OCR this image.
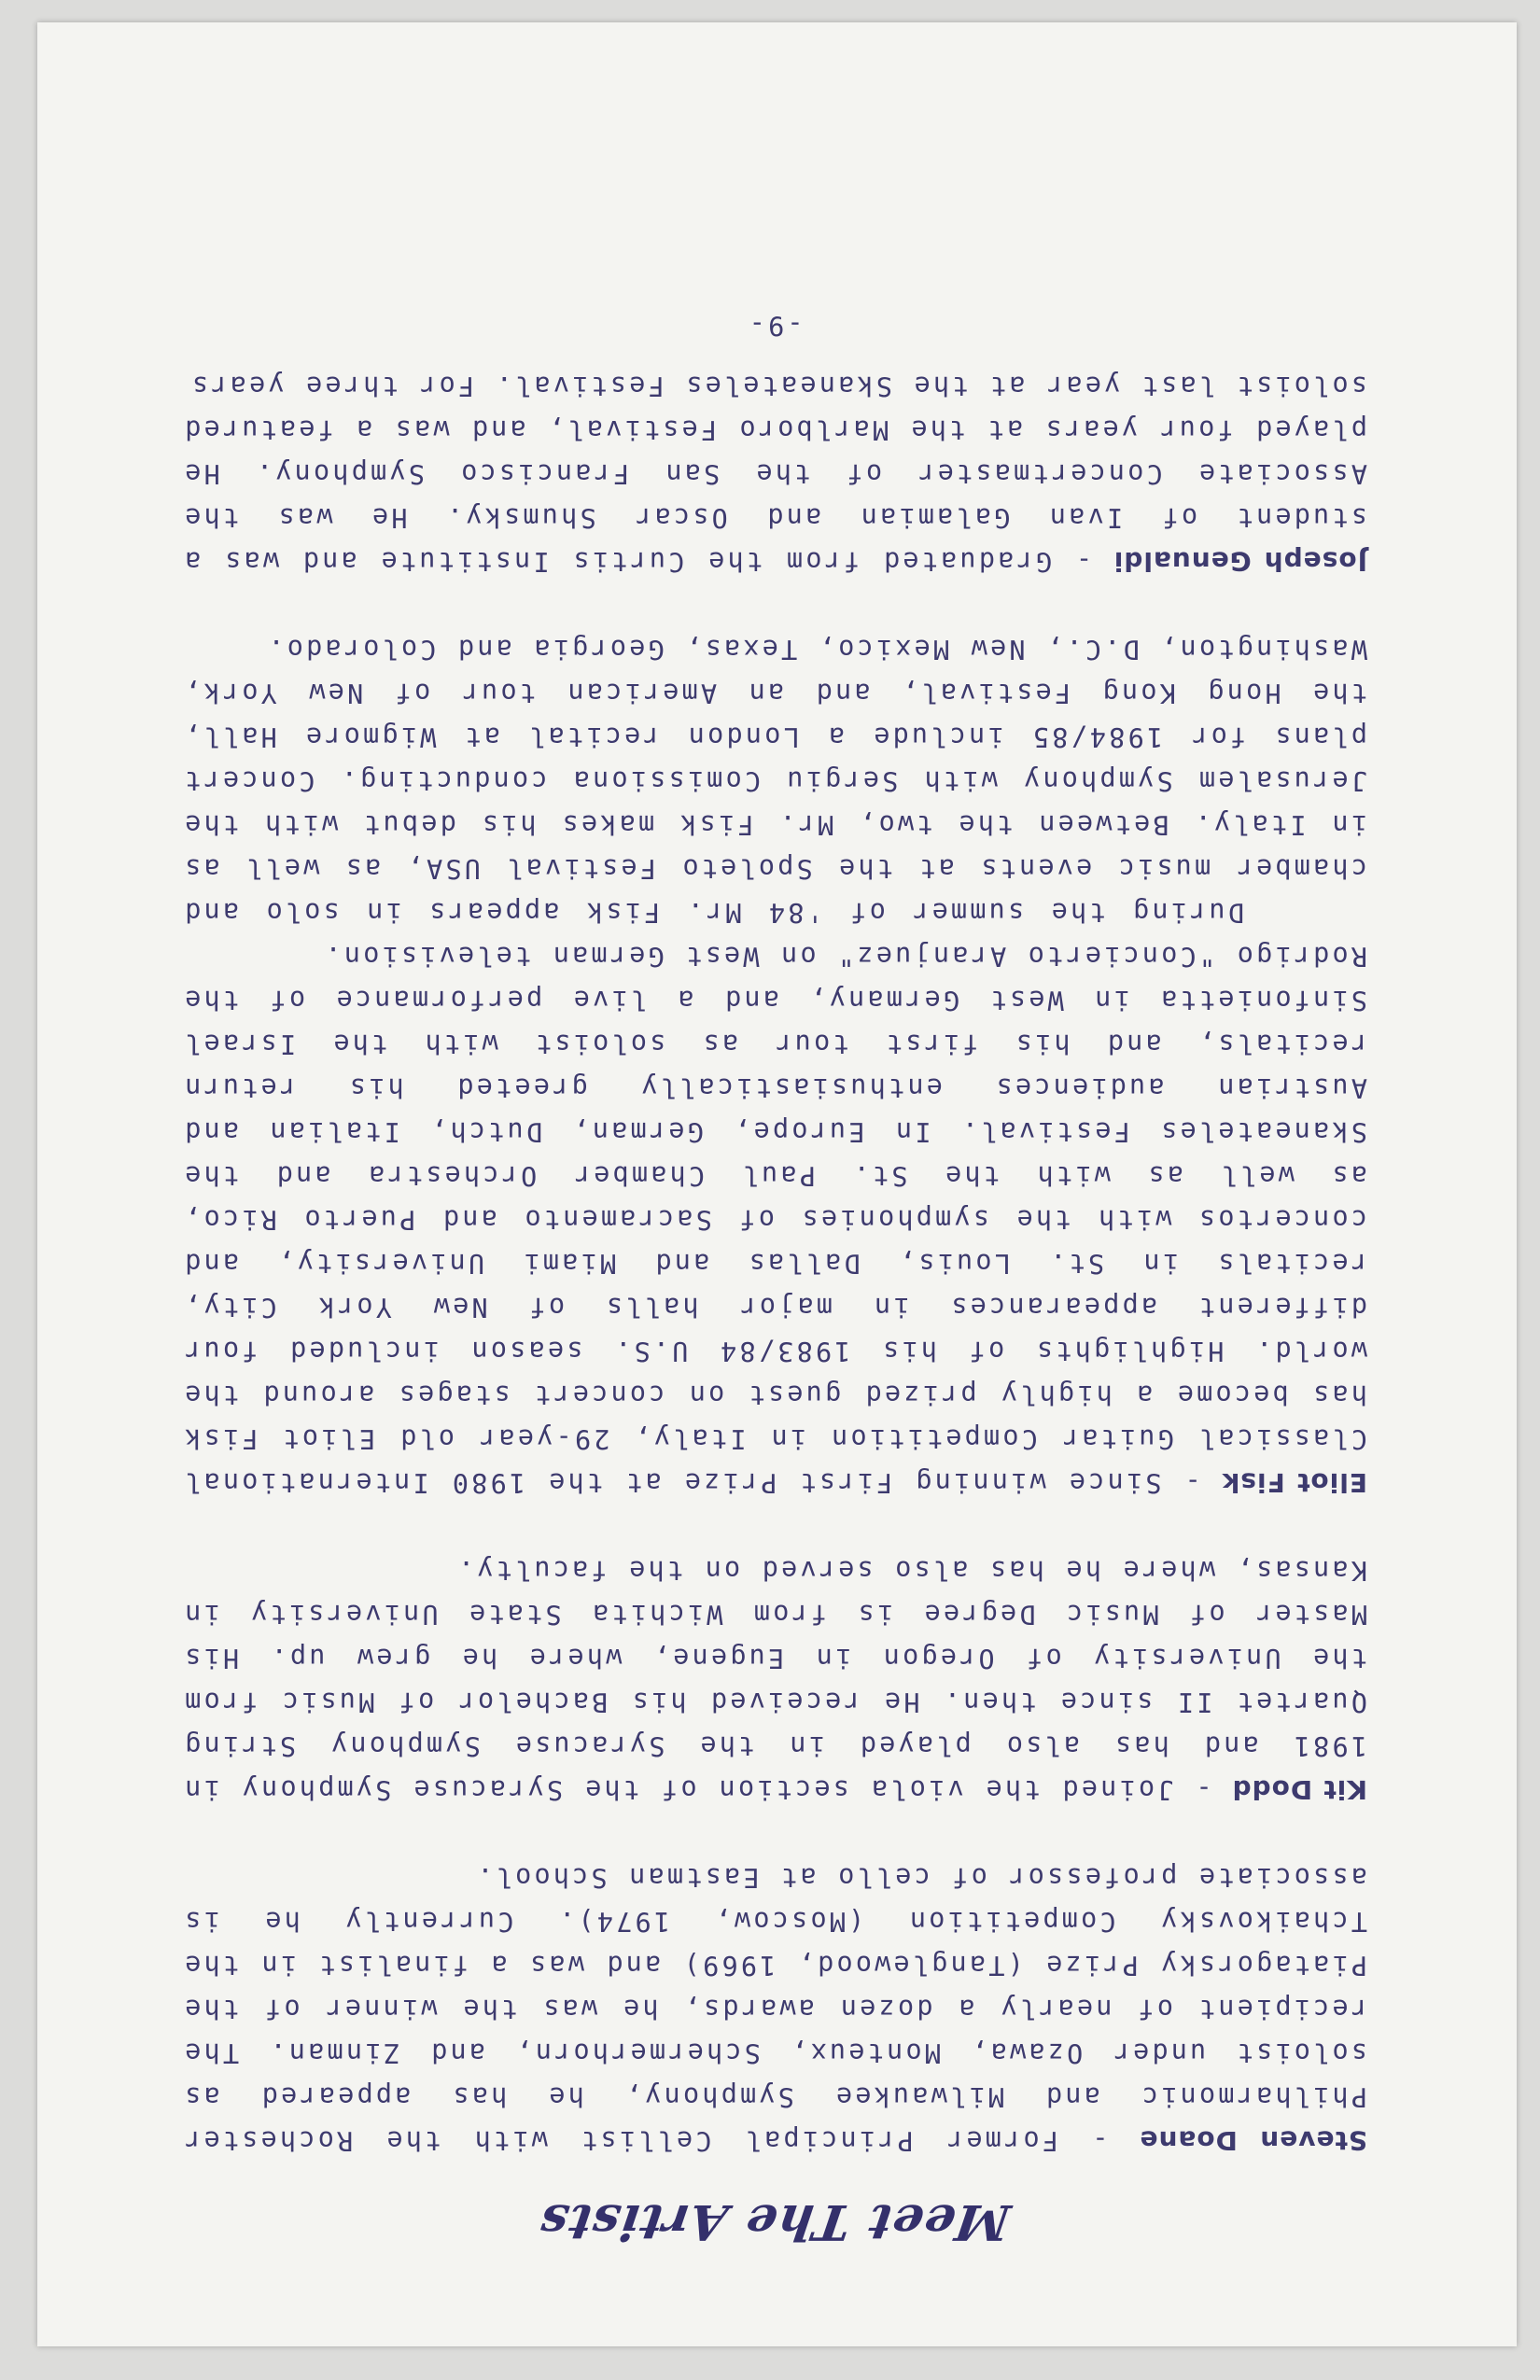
Meet The Artists

Steven Doane - Former Principal Cellist with the Rochester Philharmonic and Milwaukee Symphony, he has appeared as soloist under Ozawa, Monteux, Schermerhorn, and Zinman. The recipient of nearly a dozen awards, he was the winner of the Piatagorsky Prize (Tanglewood, 1969) and was a finalist in the Tchaikovsky Competition (Moscow, 1974). Currently he is associate professor of cello at Eastman School.

Kit Dodd - Joined the viola section of the Syracuse Symphony in 1981 and has also played in the Syracuse Symphony String Quartet II since then. He received his Bachelor of Music from the University of Oregon in Eugene, where he grew up. His Master of Music Degree is from Wichita State University in Kansas, where he has also served on the faculty.

Eliot Fisk - Since winning First Prize at the 1980 International Classical Guitar Competition in Italy, 29-year old Eliot Fisk has become a highly prized guest on concert stages around the world. Highlights of his 1983/84 U.S. season included four different appearances in major halls of New York City, recitals in St. Louis, Dallas and Miami University, and concertos with the symphonies of Sacramento and Puerto Rico, as well as with the St. Paul Chamber Orchestra and the Skaneateles Festival. In Europe, German, Dutch, Italian and Austrian audiences enthusiastically greeted his return recitals, and his first tour as soloist with the Israel Sinfonietta in West Germany, and a live performance of the Rodrigo "Concierto Aranjuez" on West German television.

During the summer of '84 Mr. Fisk appears in solo and chamber music events at the Spoleto Festival USA, as well as in Italy. Between the two, Mr. Fisk makes his debut with the Jerusalem Symphony with Sergiu Comissiona conducting. Concert plans for 1984/85 include a London recital at Wigmore Hall, the Hong Kong Festival, and an American tour of New York, Washington, D.C., New Mexico, Texas, Georgia and Colorado.

Joseph Genualdi - Graduated from the Curtis Institute and was a student of Ivan Galamian and Oscar Shumsky. He was the Associate Concertmaster of the San Francisco Symphony. He played four years at the Marlboro Festival, and was a featured soloist last year at the Skaneateles Festival. For three years

-9-
